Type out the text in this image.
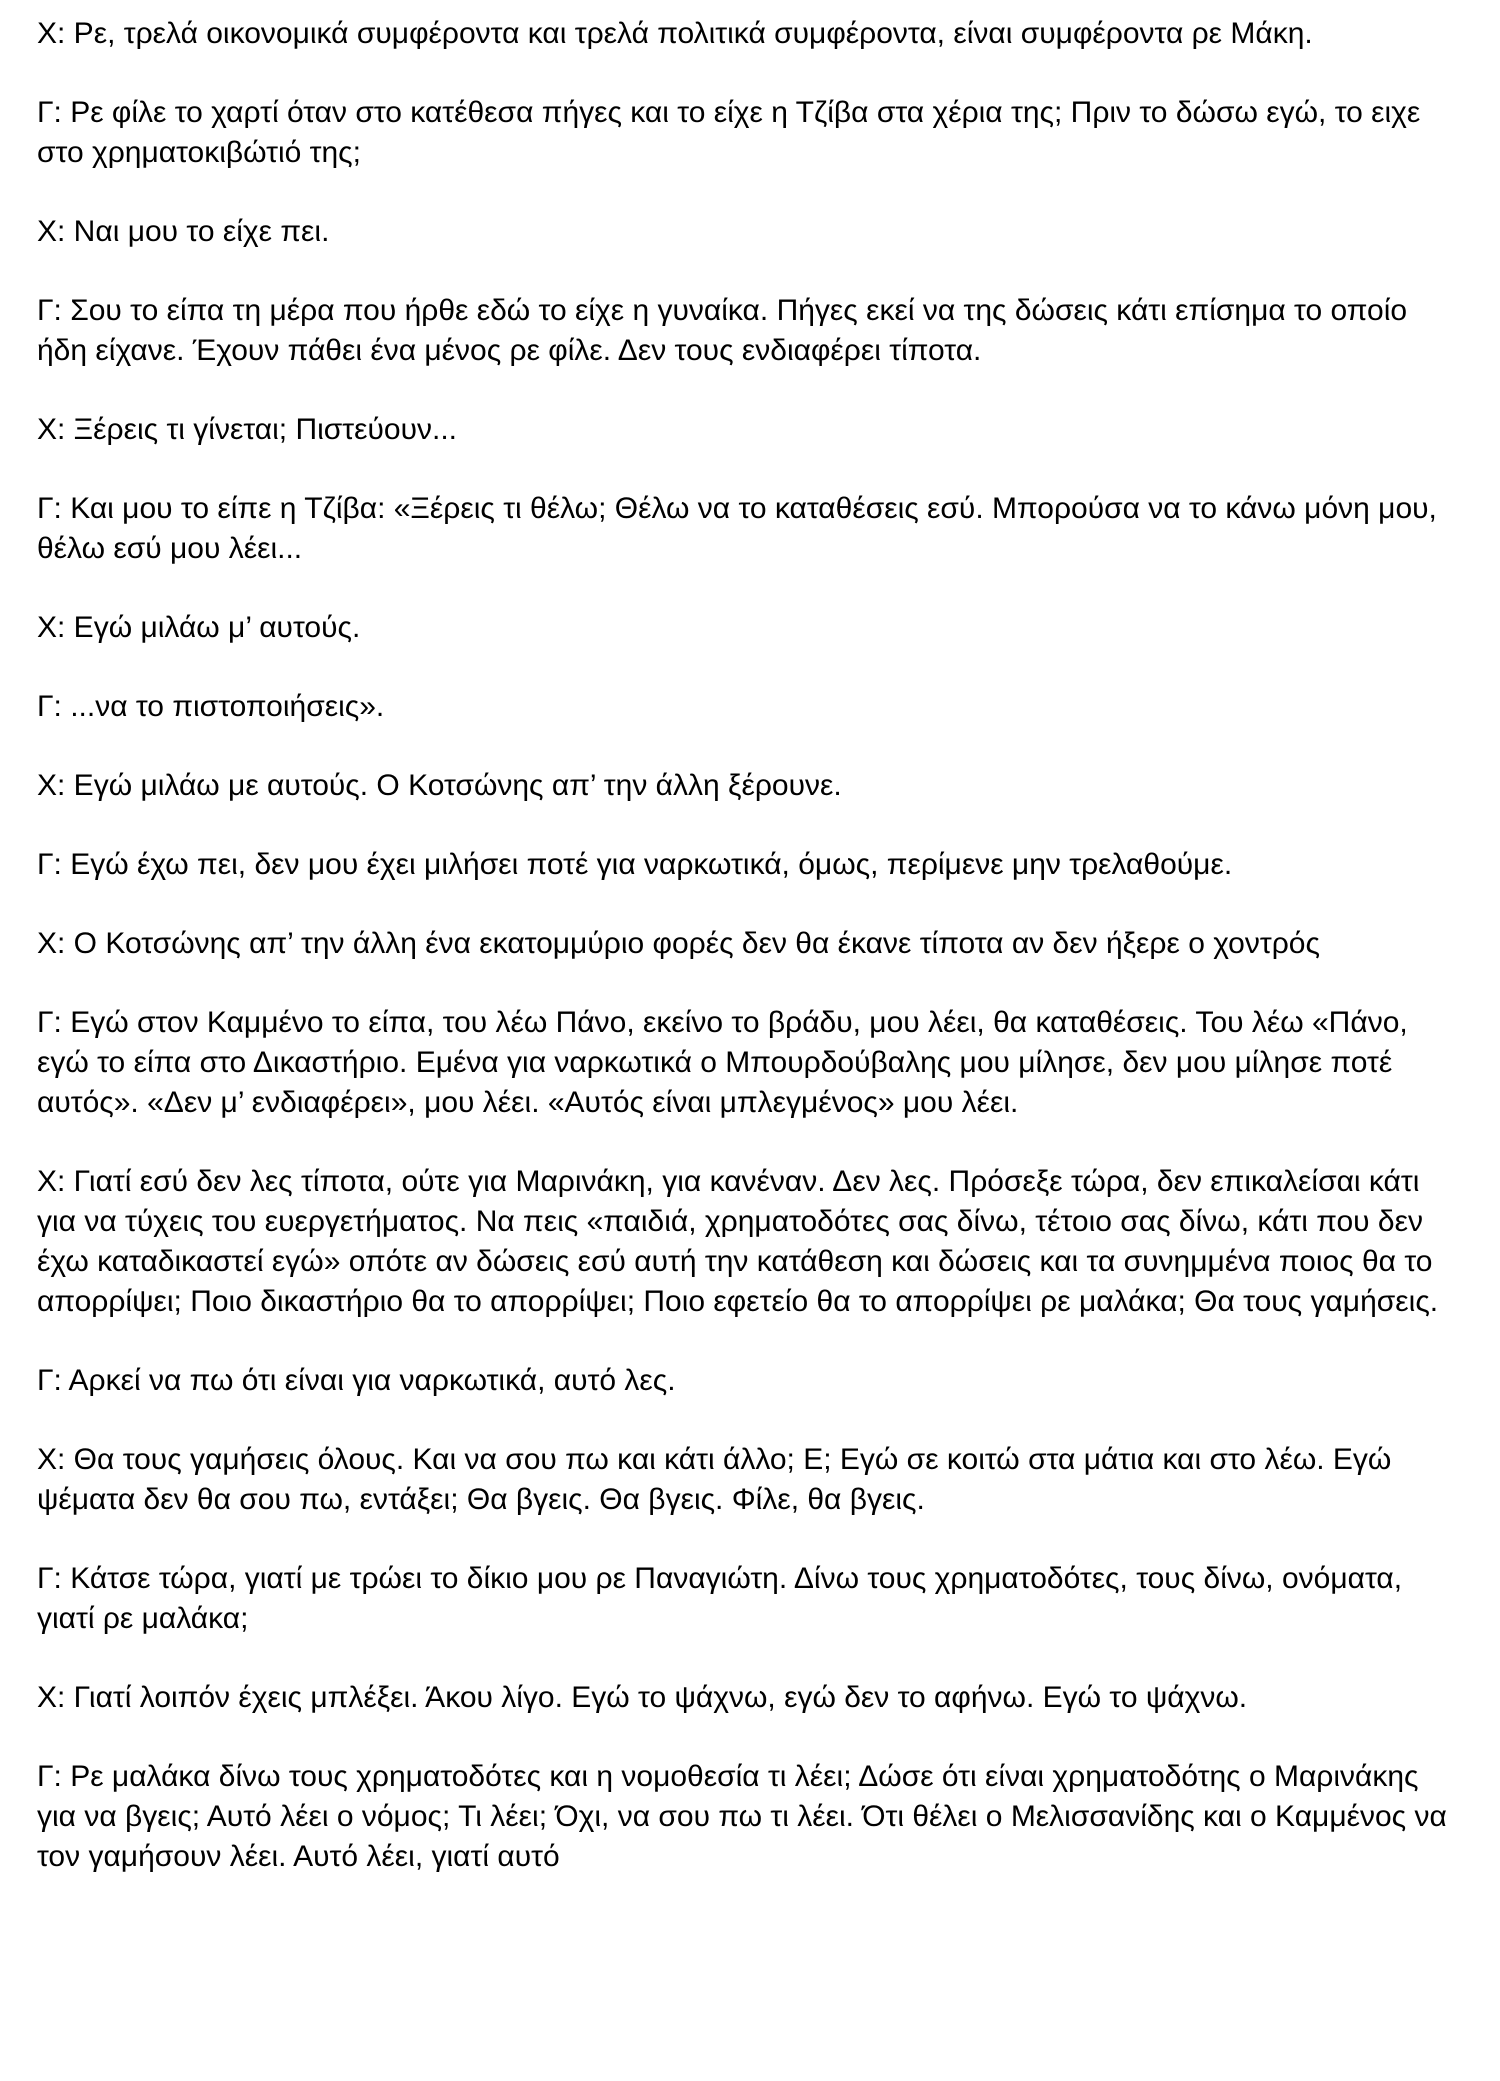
Χ: Ρε, τρελά οικονομικά συμφέροντα και τρελά πολιτικά συμφέροντα, είναι συμφέροντα ρε Μάκη.

Γ: Ρε φίλε το χαρτί όταν στο κατέθεσα πήγες και το είχε η Τζίβα στα χέρια της; Πριν το δώσω εγώ, το ειχε στο χρηματοκιβώτιό της;

Χ: Ναι μου το είχε πει.

Γ: Σου το είπα τη μέρα που ήρθε εδώ το είχε η γυναίκα. Πήγες εκεί να της δώσεις κάτι επίσημα το οποίο ήδη είχανε. Έχουν πάθει ένα μένος ρε φίλε. Δεν τους ενδιαφέρει τίποτα.

Χ: Ξέρεις τι γίνεται; Πιστεύουν...

Γ: Και μου το είπε η Τζίβα: «Ξέρεις τι θέλω; Θέλω να το καταθέσεις εσύ. Μπορούσα να το κάνω μόνη μου, θέλω εσύ μου λέει...

Χ: Εγώ μιλάω μ’ αυτούς.

Γ: ...να το πιστοποιήσεις».

Χ: Εγώ μιλάω με αυτούς. Ο Κοτσώνης απ’ την άλλη ξέρουνε.

Γ: Εγώ έχω πει, δεν μου έχει μιλήσει ποτέ για ναρκωτικά, όμως, περίμενε μην τρελαθούμε.

Χ: Ο Κοτσώνης απ’ την άλλη ένα εκατομμύριο φορές δεν θα έκανε τίποτα αν δεν ήξερε ο χοντρός

Γ: Εγώ στον Καμμένο το είπα, του λέω Πάνο, εκείνο το βράδυ, μου λέει, θα καταθέσεις. Του λέω «Πάνο, εγώ το είπα στο Δικαστήριο. Εμένα για ναρκωτικά ο Μπουρδούβαλης μου μίλησε, δεν μου μίλησε ποτέ αυτός». «Δεν μ’ ενδιαφέρει», μου λέει. «Αυτός είναι μπλεγμένος» μου λέει.

Χ: Γιατί εσύ δεν λες τίποτα, ούτε για Μαρινάκη, για κανέναν. Δεν λες. Πρόσεξε τώρα, δεν επικαλείσαι κάτι για να τύχεις του ευεργετήματος. Να πεις «παιδιά, χρηματοδότες σας δίνω, τέτοιο σας δίνω, κάτι που δεν έχω καταδικαστεί εγώ» οπότε αν δώσεις εσύ αυτή την κατάθεση και δώσεις και τα συνημμένα ποιος θα το απορρίψει; Ποιο δικαστήριο θα το απορρίψει; Ποιο εφετείο θα το απορρίψει ρε μαλάκα; Θα τους γαμήσεις.

Γ: Αρκεί να πω ότι είναι για ναρκωτικά, αυτό λες.

Χ: Θα τους γαμήσεις όλους. Και να σου πω και κάτι άλλο; Ε; Εγώ σε κοιτώ στα μάτια και στο λέω. Εγώ ψέματα δεν θα σου πω, εντάξει; Θα βγεις. Θα βγεις. Φίλε, θα βγεις.

Γ: Κάτσε τώρα, γιατί με τρώει το δίκιο μου ρε Παναγιώτη. Δίνω τους χρηματοδότες, τους δίνω, ονόματα, γιατί ρε μαλάκα;

Χ: Γιατί λοιπόν έχεις μπλέξει. Άκου λίγο. Εγώ το ψάχνω, εγώ δεν το αφήνω. Εγώ το ψάχνω.

Γ: Ρε μαλάκα δίνω τους χρηματοδότες και η νομοθεσία τι λέει; Δώσε ότι είναι χρηματοδότης ο Μαρινάκης για να βγεις; Αυτό λέει ο νόμος; Τι λέει; Όχι, να σου πω τι λέει. Ότι θέλει ο Μελισσανίδης και ο Καμμένος να τον γαμήσουν λέει. Αυτό λέει, γιατί αυτό
